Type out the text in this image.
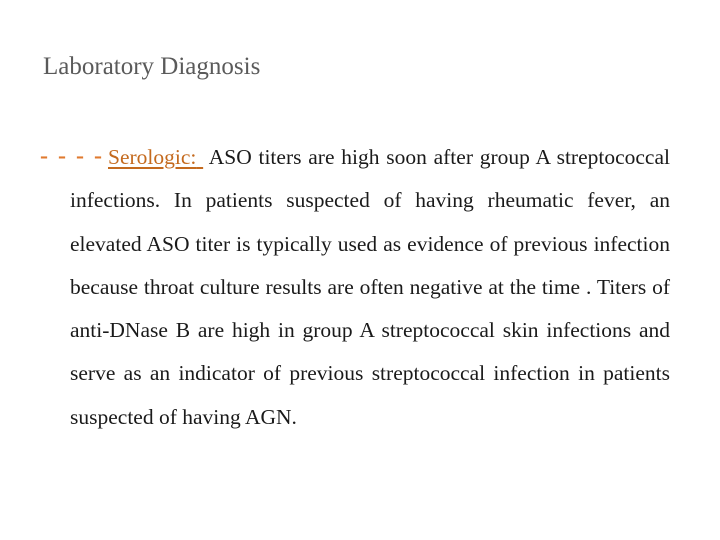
Laboratory Diagnosis
- - - - Serologic: ASO titers are high soon after group A streptococcal infections. In patients suspected of having rheumatic fever, an elevated ASO titer is typically used as evidence of previous infection because throat culture results are often negative at the time . Titers of anti-DNase B are high in group A streptococcal skin infections and serve as an indicator of previous streptococcal infection in patients suspected of having AGN.
